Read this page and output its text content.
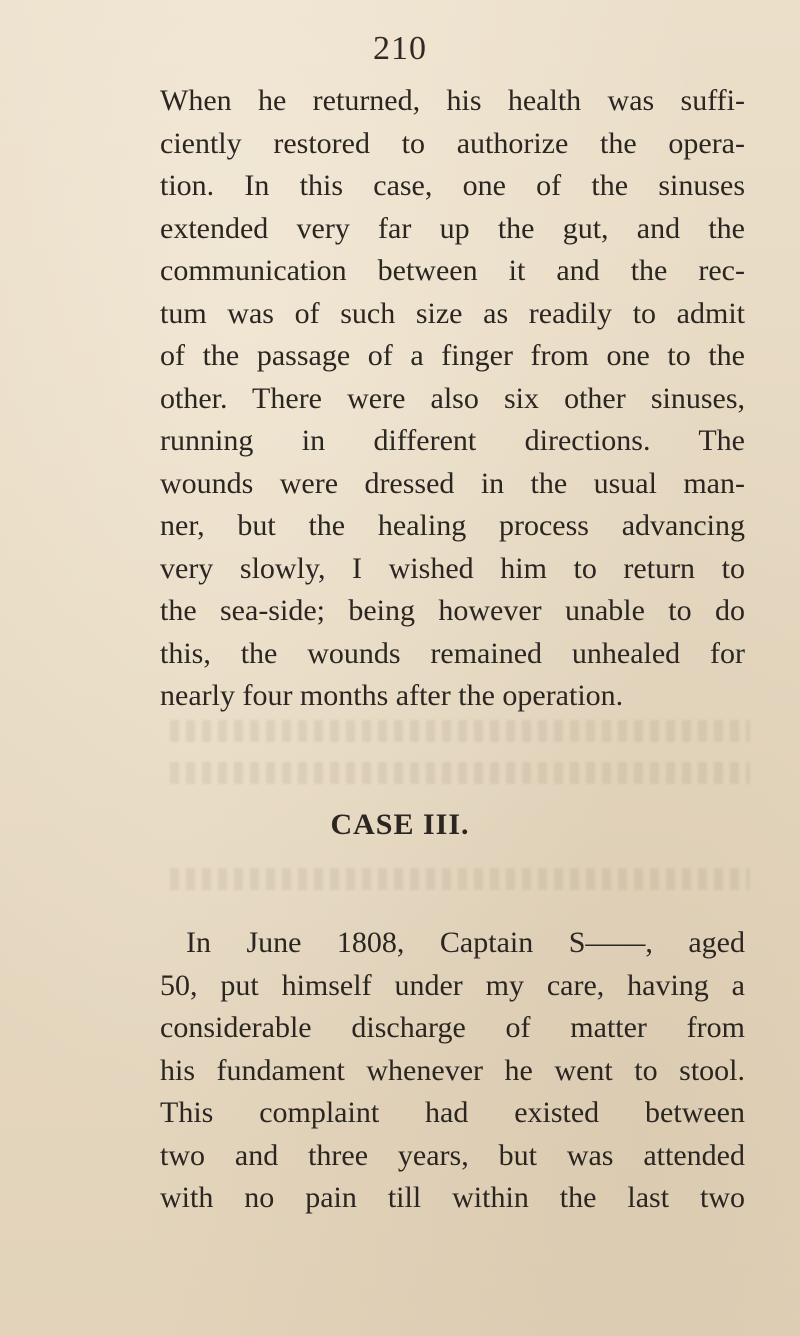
210

When he returned, his health was suffi-
ciently restored to authorize the opera-
tion. In this case, one of the sinuses
extended very far up the gut, and the
communication between it and the rec-
tum was of such size as readily to admit
of the passage of a finger from one to the
other. There were also six other sinuses,
running in different directions. The
wounds were dressed in the usual man-
ner, but the healing process advancing
very slowly, I wished him to return to
the sea-side; being however unable to do
this, the wounds remained unhealed for
nearly four months after the operation.

CASE III.

In June 1808, Captain S——, aged
50, put himself under my care, having a
considerable discharge of matter from
his fundament whenever he went to stool.
This complaint had existed between
two and three years, but was attended
with no pain till within the last two
